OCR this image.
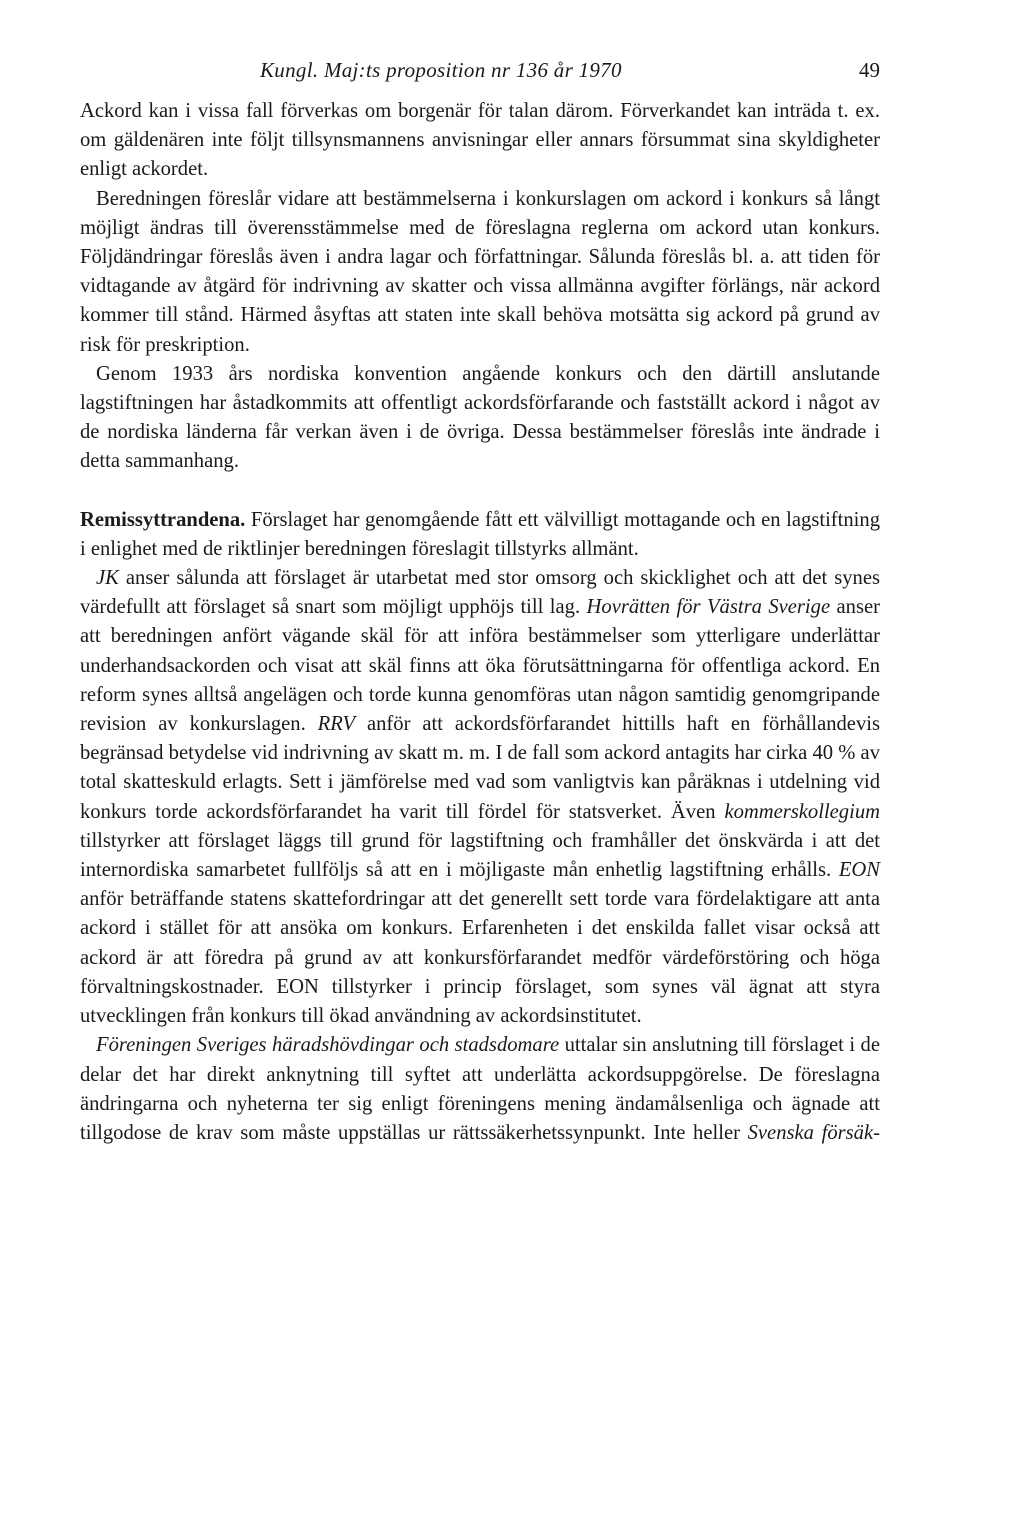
Kungl. Maj:ts proposition nr 136 år 1970	49

Ackord kan i vissa fall förverkas om borgenär för talan därom. Förverkandet kan inträda t. ex. om gäldenären inte följt tillsynsmannens anvisningar eller annars försummat sina skyldigheter enligt ackordet.

Beredningen föreslår vidare att bestämmelserna i konkurslagen om ackord i konkurs så långt möjligt ändras till överensstämmelse med de föreslagna reglerna om ackord utan konkurs. Följdändringar föreslås även i andra lagar och författningar. Sålunda föreslås bl. a. att tiden för vidtagande av åtgärd för indrivning av skatter och vissa allmänna avgifter förlängs, när ackord kommer till stånd. Härmed åsyftas att staten inte skall behöva motsätta sig ackord på grund av risk för preskription.

Genom 1933 års nordiska konvention angående konkurs och den därtill anslutande lagstiftningen har åstadkommits att offentligt ackordsförfarande och fastställt ackord i något av de nordiska länderna får verkan även i de övriga. Dessa bestämmelser föreslås inte ändrade i detta sammanhang.

Remissyttrandena. Förslaget har genomgående fått ett välvilligt mottagande och en lagstiftning i enlighet med de riktlinjer beredningen föreslagit tillstyrks allmänt.

JK anser sålunda att förslaget är utarbetat med stor omsorg och skicklighet och att det synes värdefullt att förslaget så snart som möjligt upphöjs till lag. Hovrätten för Västra Sverige anser att beredningen anfört vägande skäl för att införa bestämmelser som ytterligare underlättar underhandsackorden och visat att skäl finns att öka förutsättningarna för offentliga ackord. En reform synes alltså angelägen och torde kunna genomföras utan någon samtidig genomgripande revision av konkurslagen. RRV anför att ackordsförfarandet hittills haft en förhållandevis begränsad betydelse vid indrivning av skatt m. m. I de fall som ackord antagits har cirka 40 % av total skatteskuld erlagts. Sett i jämförelse med vad som vanligtvis kan påräknas i utdelning vid konkurs torde ackordsförfarandet ha varit till fördel för statsverket. Även kommerskollegium tillstyrker att förslaget läggs till grund för lagstiftning och framhåller det önskvärda i att det internordiska samarbetet fullföljs så att en i möjligaste mån enhetlig lagstiftning erhålls. EON anför beträffande statens skattefordringar att det generellt sett torde vara fördelaktigare att anta ackord i stället för att ansöka om konkurs. Erfarenheten i det enskilda fallet visar också att ackord är att föredra på grund av att konkursförfarandet medför värdeförstöring och höga förvaltningskostnader. EON tillstyrker i princip förslaget, som synes väl ägnat att styra utvecklingen från konkurs till ökad användning av ackordsinstitutet.

Föreningen Sveriges häradshövdingar och stadsdomare uttalar sin anslutning till förslaget i de delar det har direkt anknytning till syftet att underlätta ackordsuppgörelse. De föreslagna ändringarna och nyheterna ter sig enligt föreningens mening ändamålsenliga och ägnade att tillgodose de krav som måste uppställas ur rättssäkerhetssynpunkt. Inte heller Svenska försäk-
